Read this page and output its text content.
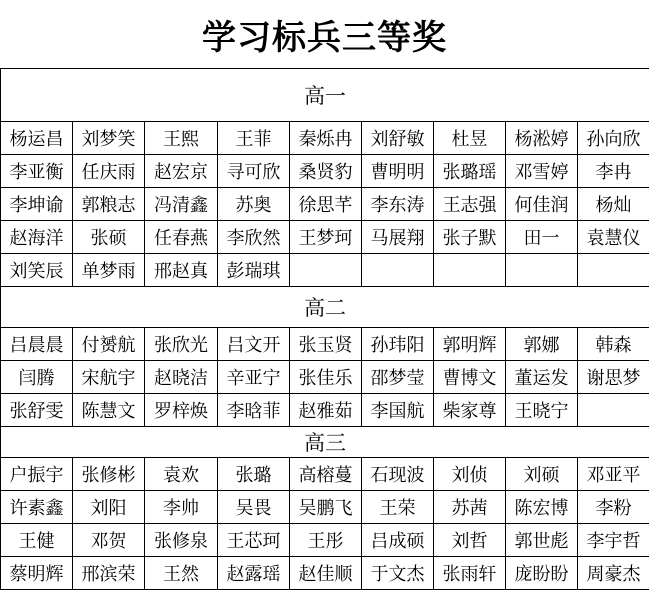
学习标兵三等奖
高一								
杨运昌	刘梦笑	王熙	王菲	秦烁冉	刘舒敏	杜昱	杨淞婷	孙向欣
李亚衡	任庆雨	赵宏京	寻可欣	桑贤豹	曹明明	张璐瑶	邓雪婷	李冉
李坤谕	郭粮志	冯清鑫	苏奥	徐思芊	李东涛	王志强	何佳润	杨灿
赵海洋	张硕	任春燕	李欣然	王梦珂	马展翔	张子默	田一	袁慧仪
刘笑辰	单梦雨	邢赵真	彭瑞琪					
高二								
吕晨晨	付赟航	张欣光	吕文开	张玉贤	孙玮阳	郭明辉	郭娜	韩森
闫腾	宋航宇	赵晓洁	辛亚宁	张佳乐	邵梦莹	曹博文	董运发	谢思梦
张舒雯	陈慧文	罗梓焕	李晗菲	赵雅茹	李国航	柴家尊	王晓宁	
高三								
户振宇	张修彬	袁欢	张璐	高榕蔓	石现波	刘侦	刘硕	邓亚平
许素鑫	刘阳	李帅	吴畏	吴鹏飞	王荣	苏茜	陈宏博	李粉
王健	邓贺	张修泉	王芯珂	王彤	吕成硕	刘哲	郭世彪	李宇哲
蔡明辉	邢滨荣	王然	赵露瑶	赵佳顺	于文杰	张雨轩	庞盼盼	周豪杰
